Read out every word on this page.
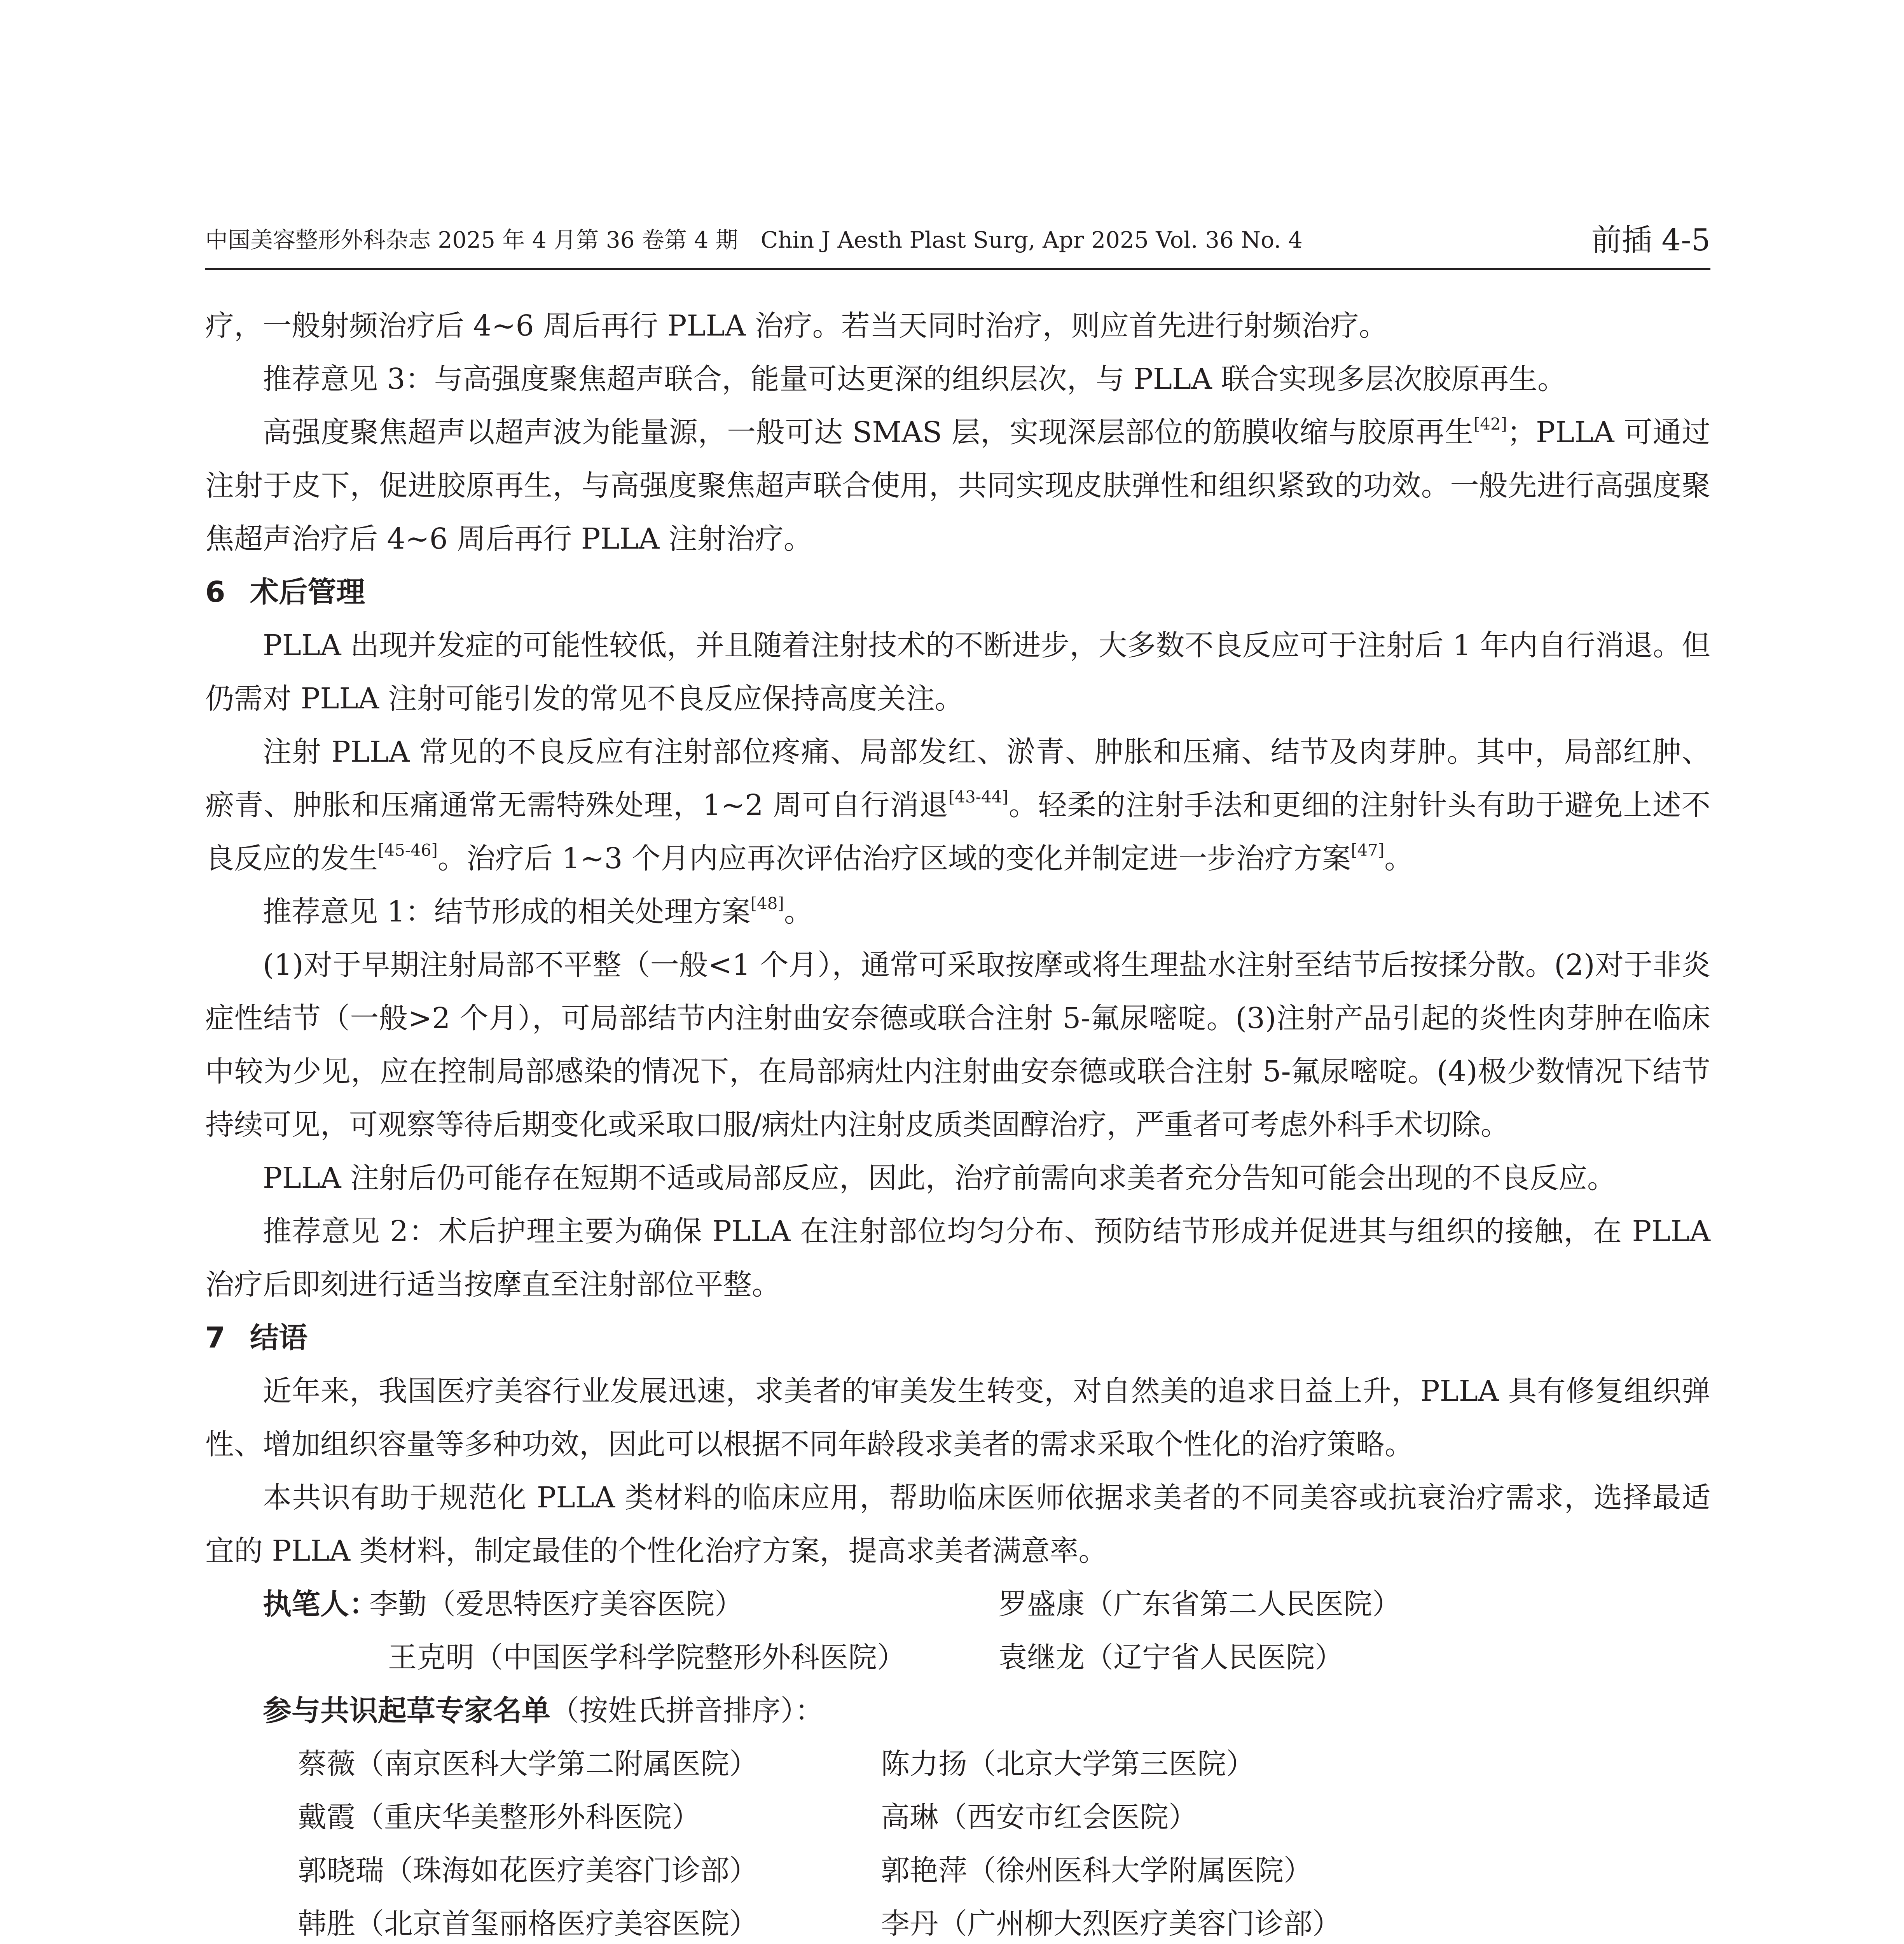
中国美容整形外科杂志 2025 年 4 月第 36 卷第 4 期　Chin J Aesth Plast Surg, Apr 2025 Vol. 36 No. 4	前插 4-5

疗，一般射频治疗后 4~6 周后再行 PLLA 治疗。若当天同时治疗，则应首先进行射频治疗。

推荐意见 3：与高强度聚焦超声联合，能量可达更深的组织层次，与 PLLA 联合实现多层次胶原再生。

高强度聚焦超声以超声波为能量源，一般可达 SMAS 层，实现深层部位的筋膜收缩与胶原再生[42]；PLLA 可通过注射于皮下，促进胶原再生，与高强度聚焦超声联合使用，共同实现皮肤弹性和组织紧致的功效。一般先进行高强度聚焦超声治疗后 4~6 周后再行 PLLA 注射治疗。

6 术后管理

PLLA 出现并发症的可能性较低，并且随着注射技术的不断进步，大多数不良反应可于注射后 1 年内自行消退。但仍需对 PLLA 注射可能引发的常见不良反应保持高度关注。

注射 PLLA 常见的不良反应有注射部位疼痛、局部发红、淤青、肿胀和压痛、结节及肉芽肿。其中，局部红肿、瘀青、肿胀和压痛通常无需特殊处理，1~2 周可自行消退[43-44]。轻柔的注射手法和更细的注射针头有助于避免上述不良反应的发生[45-46]。治疗后 1~3 个月内应再次评估治疗区域的变化并制定进一步治疗方案[47]。

推荐意见 1：结节形成的相关处理方案[48]。

(1)对于早期注射局部不平整（一般<1 个月），通常可采取按摩或将生理盐水注射至结节后按揉分散。(2)对于非炎症性结节（一般>2 个月），可局部结节内注射曲安奈德或联合注射 5-氟尿嘧啶。(3)注射产品引起的炎性肉芽肿在临床中较为少见，应在控制局部感染的情况下，在局部病灶内注射曲安奈德或联合注射 5-氟尿嘧啶。(4)极少数情况下结节持续可见，可观察等待后期变化或采取口服/病灶内注射皮质类固醇治疗，严重者可考虑外科手术切除。

PLLA 注射后仍可能存在短期不适或局部反应，因此，治疗前需向求美者充分告知可能会出现的不良反应。

推荐意见 2：术后护理主要为确保 PLLA 在注射部位均匀分布、预防结节形成并促进其与组织的接触，在 PLLA 治疗后即刻进行适当按摩直至注射部位平整。

7 结语

近年来，我国医疗美容行业发展迅速，求美者的审美发生转变，对自然美的追求日益上升，PLLA 具有修复组织弹性、增加组织容量等多种功效，因此可以根据不同年龄段求美者的需求采取个性化的治疗策略。

本共识有助于规范化 PLLA 类材料的临床应用，帮助临床医师依据求美者的不同美容或抗衰治疗需求，选择最适宜的 PLLA 类材料，制定最佳的个性化治疗方案，提高求美者满意率。

执笔人：
李勤（爱思特医疗美容医院）	罗盛康（广东省第二人民医院）
王克明（中国医学科学院整形外科医院）	袁继龙（辽宁省人民医院）

参与共识起草专家名单（按姓氏拼音排序）：

蔡薇（南京医科大学第二附属医院）	陈力扬（北京大学第三医院）
戴霞（重庆华美整形外科医院）	高琳（西安市红会医院）
郭晓瑞（珠海如花医疗美容门诊部）	郭艳萍（徐州医科大学附属医院）
韩胜（北京首玺丽格医疗美容医院）	李丹（广州柳大烈医疗美容门诊部）
